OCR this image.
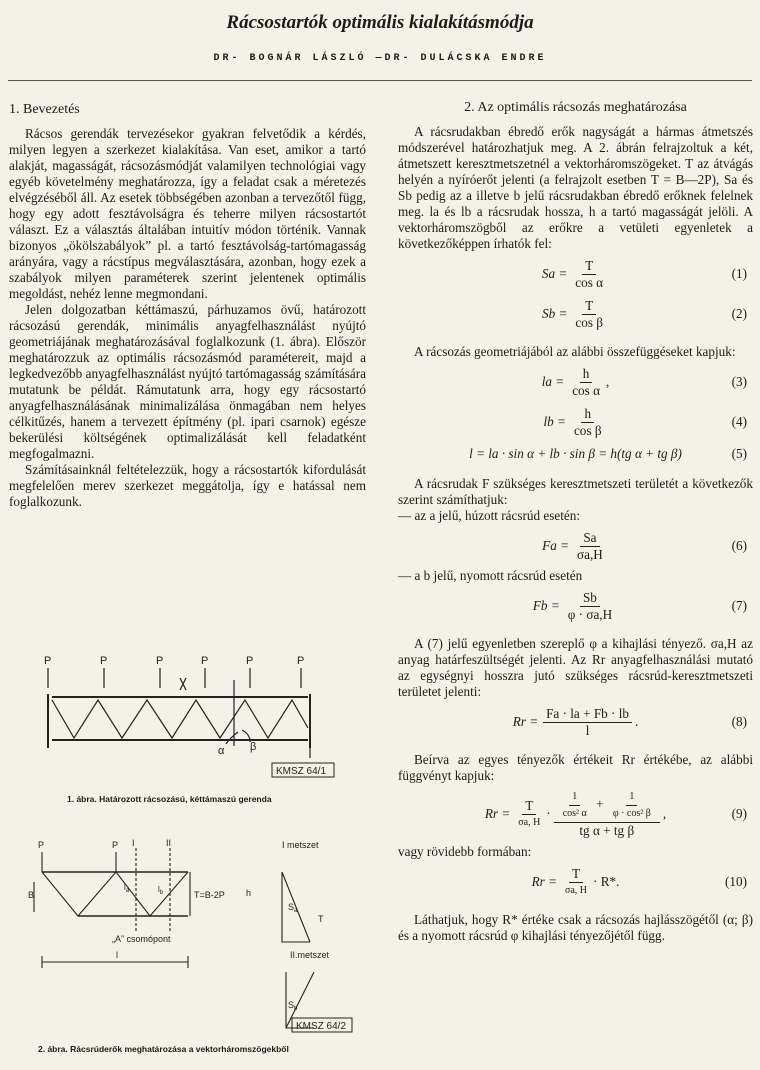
Rácsostartók optimális kialakításmódja
DR- BOGNÁR LÁSZLÓ —DR- DULÁCSKA ENDRE
1. Bevezetés

Rácsos gerendák tervezésekor gyakran felvetődik a kérdés, milyen legyen a szerkezet kialakítása. Van eset, amikor a tartó alakját, magasságát, rácsozásmódját valamilyen technológiai vagy egyéb követelmény meghatározza, így a feladat csak a méretezés elvégzéséből áll. Az esetek többségében azonban a tervezőtől függ, hogy egy adott fesztávolságra és teherre milyen rácsostartót választ. Ez a választás általában intuitív módon történik. Vannak bizonyos „ökölszabályok” pl. a tartó fesztávolság-tartómagasság arányára, vagy a rácstípus megválasztására, azonban, hogy ezek a szabályok milyen paraméterek szerint jelentenek optimális megoldást, nehéz lenne megmondani.

Jelen dolgozatban kéttámaszú, párhuzamos övű, határozott rácsozású gerendák, minimális anyagfelhasználást nyújtó geometriájának meghatározásával foglalkozunk (1. ábra). Először meghatározzuk az optimális rácsozásmód paramétereit, majd a legkedvezőbb anyagfelhasználást nyújtó tartómagasság számítására mutatunk be példát. Rámutatunk arra, hogy egy rácsostartó anyagfelhasználásának minimalizálása önmagában nem helyes célkitűzés, hanem a tervezett építmény (pl. ipari csarnok) egésze bekerülési költségének optimalizálását kell feladatként megfogalmazni.

Számításainknál feltételezzük, hogy a rácsostartók kifordulását megfelelően merev szerkezet meggátolja, így e hatással nem foglalkozunk.

P	P	P	P	P	P
α β
KMSZ 64/1
1. ábra. Határozott rácsozású, kéttámaszú gerenda
P	P
B
I	II
$l_a$	$l_b$	T=B-2P h
l
„A” csomópont
I metszet
$S_a$
II.metszet
$S_b$
T
KMSZ 64/2
2. ábra. Rácsrúderők meghatározása a vektorháromszögekből
2. Az optimális rácsozás meghatározása

A rácsrudakban ébredő erők nagyságát a hármas átmetszés módszerével határozhatjuk meg. A 2. ábrán felrajzoltuk a két, átmetszett keresztmetszetnél a vektorháromszögeket. T az átvágás helyén a nyíróerőt jelenti (a felrajzolt esetben T = B—2P), Sa és Sb pedig az a illetve b jelű rácsrudakban ébredő erőknek felelnek meg. la és lb a rácsrudak hossza, h a tartó magasságát jelöli. A vektorháromszögből az erőkre a vetületi egyenletek a következőképpen írhatók fel:

$Sa = \frac{T}{\text{cos α}}$	(1)
$Sb = \frac{T}{\text{cos β}}$	(2)

A rácsozás geometriájából az alábbi összefüggéseket kapjuk:

la = $\frac{h}{\text{cos α}}$ ,	(3)
lb = $\frac{h}{\text{cos β}}$	(4)
l = la · sin α + lb · sin β = h(tg α + tg β)	(5)

A rácsrudak F szükséges keresztmetszeti területét a következők szerint számíthatjuk:

— az a jelű, húzott rácsrúd esetén:

$Fa = \frac{Sa}{\sigma a,H}$	(6)

— a b jelű, nyomott rácsrúd esetén

$Fb = \frac{Sb}{\varphi \cdot \sigma a,H}$	(7)

A (7) jelű egyenletben szereplő φ a kihajlási tényező. σa,H az anyag határfeszültségét jelenti. Az Rr anyagfelhasználási mutató az egységnyi hosszra jutó szükséges rácsrúd-keresztmetszeti területet jelenti:

$Rr = \frac{Fa \cdot la + Fb \cdot lb}{l}$ .	(8)

Beírva az egyes tényezők értékeit Rr értékébe, az alábbi függvényt kapjuk:

$Rr = \frac{T}{\sigma a, H} \cdot \frac{\frac{1}{\text{cos² α}} + \frac{1}{\text{φ · cos² β}}}{\text{tg α + tg β}}$ ,	(9)

vagy rövidebb formában:

$Rr = \frac{T}{\sigma a, H} \cdot R*$.	(10)

Láthatjuk, hogy R* értéke csak a rácsozás hajlásszögétől (α; β) és a nyomott rácsrúd φ kihajlási tényezőjétől függ.
